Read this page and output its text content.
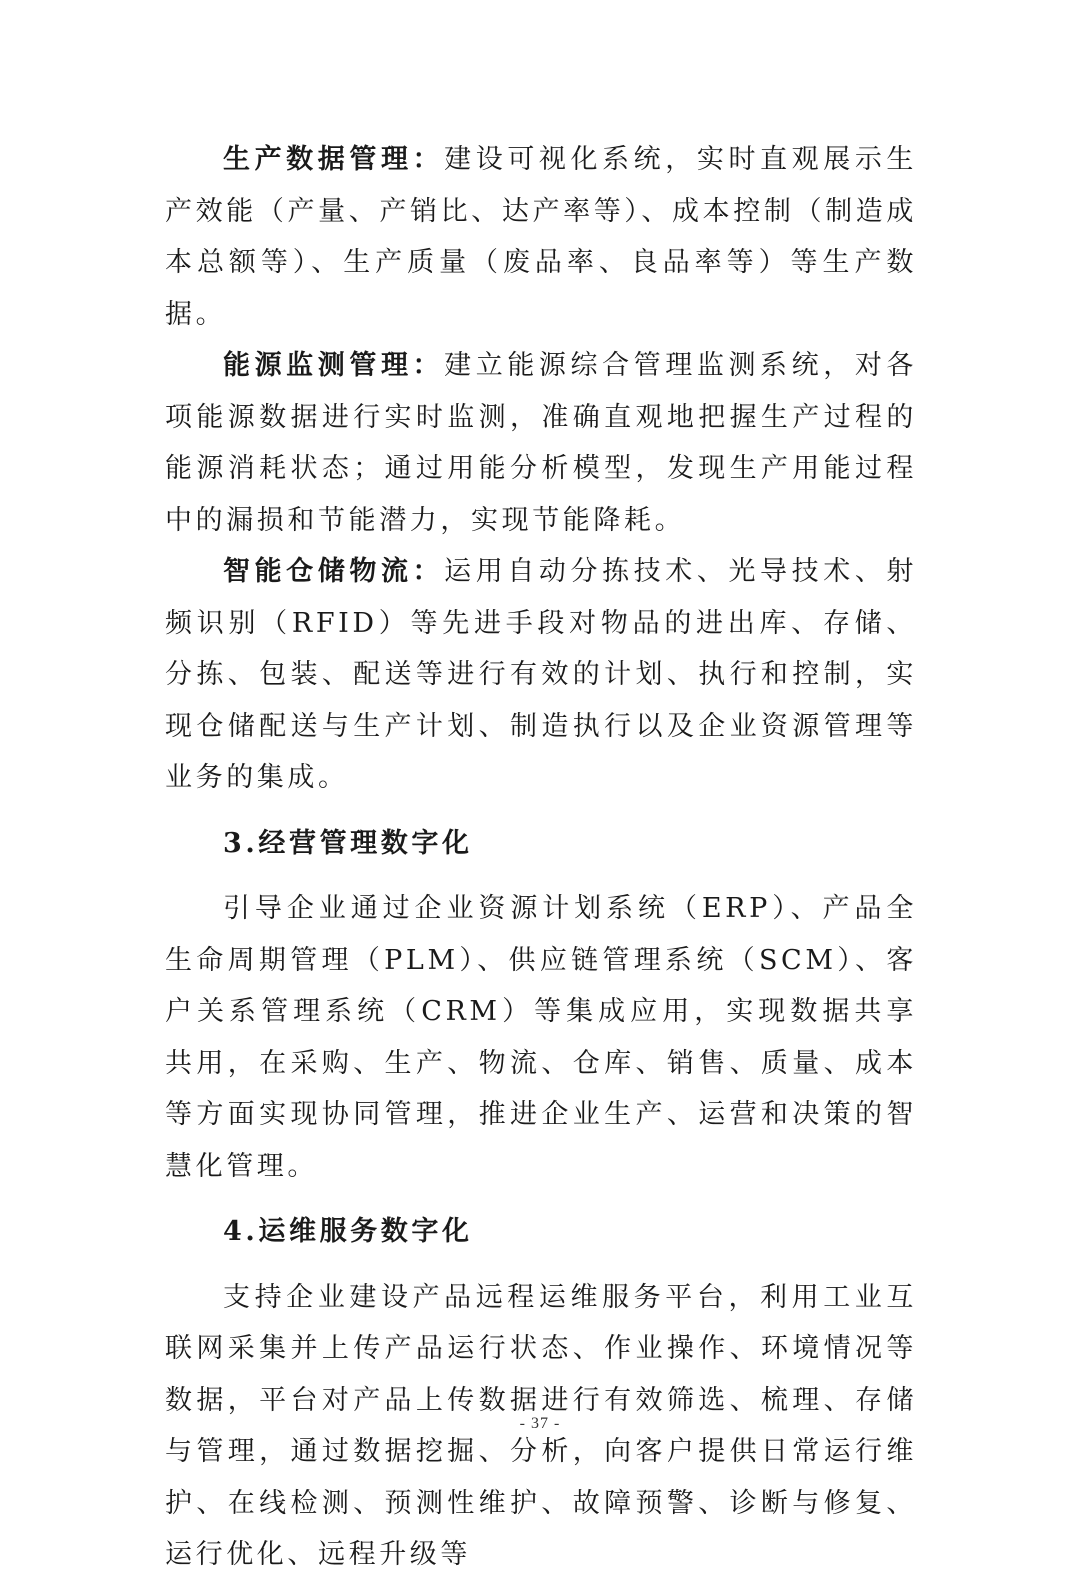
生产数据管理：建设可视化系统，实时直观展示生产效能（产量、产销比、达产率等）、成本控制（制造成本总额等）、生产质量（废品率、良品率等）等生产数据。

能源监测管理：建立能源综合管理监测系统，对各项能源数据进行实时监测，准确直观地把握生产过程的能源消耗状态；通过用能分析模型，发现生产用能过程中的漏损和节能潜力，实现节能降耗。

智能仓储物流：运用自动分拣技术、光导技术、射频识别（RFID）等先进手段对物品的进出库、存储、分拣、包装、配送等进行有效的计划、执行和控制，实现仓储配送与生产计划、制造执行以及企业资源管理等业务的集成。

3.经营管理数字化

引导企业通过企业资源计划系统（ERP）、产品全生命周期管理（PLM）、供应链管理系统（SCM）、客户关系管理系统（CRM）等集成应用，实现数据共享共用，在采购、生产、物流、仓库、销售、质量、成本等方面实现协同管理，推进企业生产、运营和决策的智慧化管理。

4.运维服务数字化

支持企业建设产品远程运维服务平台，利用工业互联网采集并上传产品运行状态、作业操作、环境情况等数据，平台对产品上传数据进行有效筛选、梳理、存储与管理，通过数据挖掘、分析，向客户提供日常运行维护、在线检测、预测性维护、故障预警、诊断与修复、运行优化、远程升级等

- 37 -
